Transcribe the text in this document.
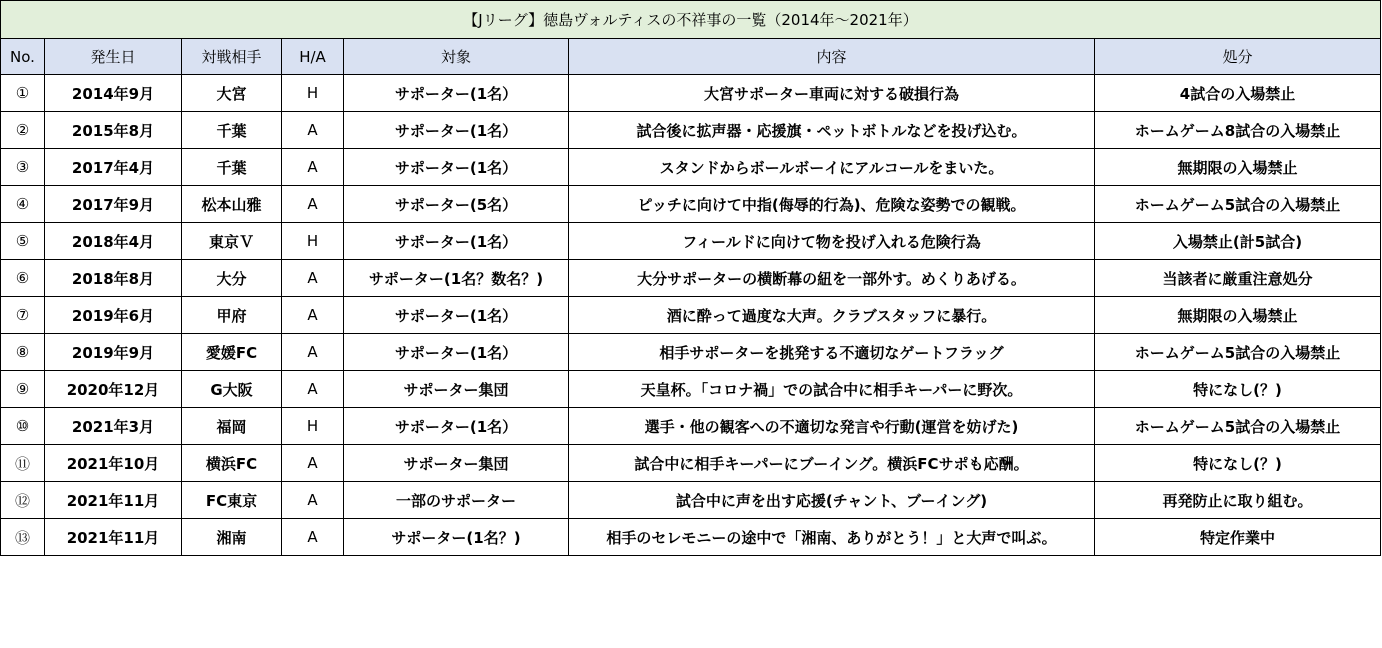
【Jリーグ】徳島ヴォルティスの不祥事の一覧（2014年～2021年）						
No.	発生日	対戦相手	H/A	対象	内容	処分
①	2014年9月	大宮	H	サポーター(1名）	大宮サポーター車両に対する破損行為	4試合の入場禁止
②	2015年8月	千葉	A	サポーター(1名）	試合後に拡声器・応援旗・ペットボトルなどを投げ込む。	ホームゲーム8試合の入場禁止
③	2017年4月	千葉	A	サポーター(1名）	スタンドからボールボーイにアルコールをまいた。	無期限の入場禁止
④	2017年9月	松本山雅	A	サポーター(5名）	ピッチに向けて中指(侮辱的行為)、危険な姿勢での観戦。	ホームゲーム5試合の入場禁止
⑤	2018年4月	東京Ｖ	H	サポーター(1名）	フィールドに向けて物を投げ入れる危険行為	入場禁止(計5試合)
⑥	2018年8月	大分	A	サポーター(1名？数名？)	大分サポーターの横断幕の紐を一部外す。めくりあげる。	当該者に厳重注意処分
⑦	2019年6月	甲府	A	サポーター(1名）	酒に酔って過度な大声。クラブスタッフに暴行。	無期限の入場禁止
⑧	2019年9月	愛媛FC	A	サポーター(1名）	相手サポーターを挑発する不適切なゲートフラッグ	ホームゲーム5試合の入場禁止
⑨	2020年12月	G大阪	A	サポーター集団	天皇杯。「コロナ禍」での試合中に相手キーパーに野次。	特になし(？)
⑩	2021年3月	福岡	H	サポーター(1名）	選手・他の観客への不適切な発言や行動(運営を妨げた)	ホームゲーム5試合の入場禁止
⑪	2021年10月	横浜FC	A	サポーター集団	試合中に相手キーパーにブーイング。横浜FCサポも応酬。	特になし(？)
⑫	2021年11月	FC東京	A	一部のサポーター	試合中に声を出す応援(チャント、ブーイング)	再発防止に取り組む。
⑬	2021年11月	湘南	A	サポーター(1名？)	相手のセレモニーの途中で「湘南、ありがとう！」と大声で叫ぶ。	特定作業中
